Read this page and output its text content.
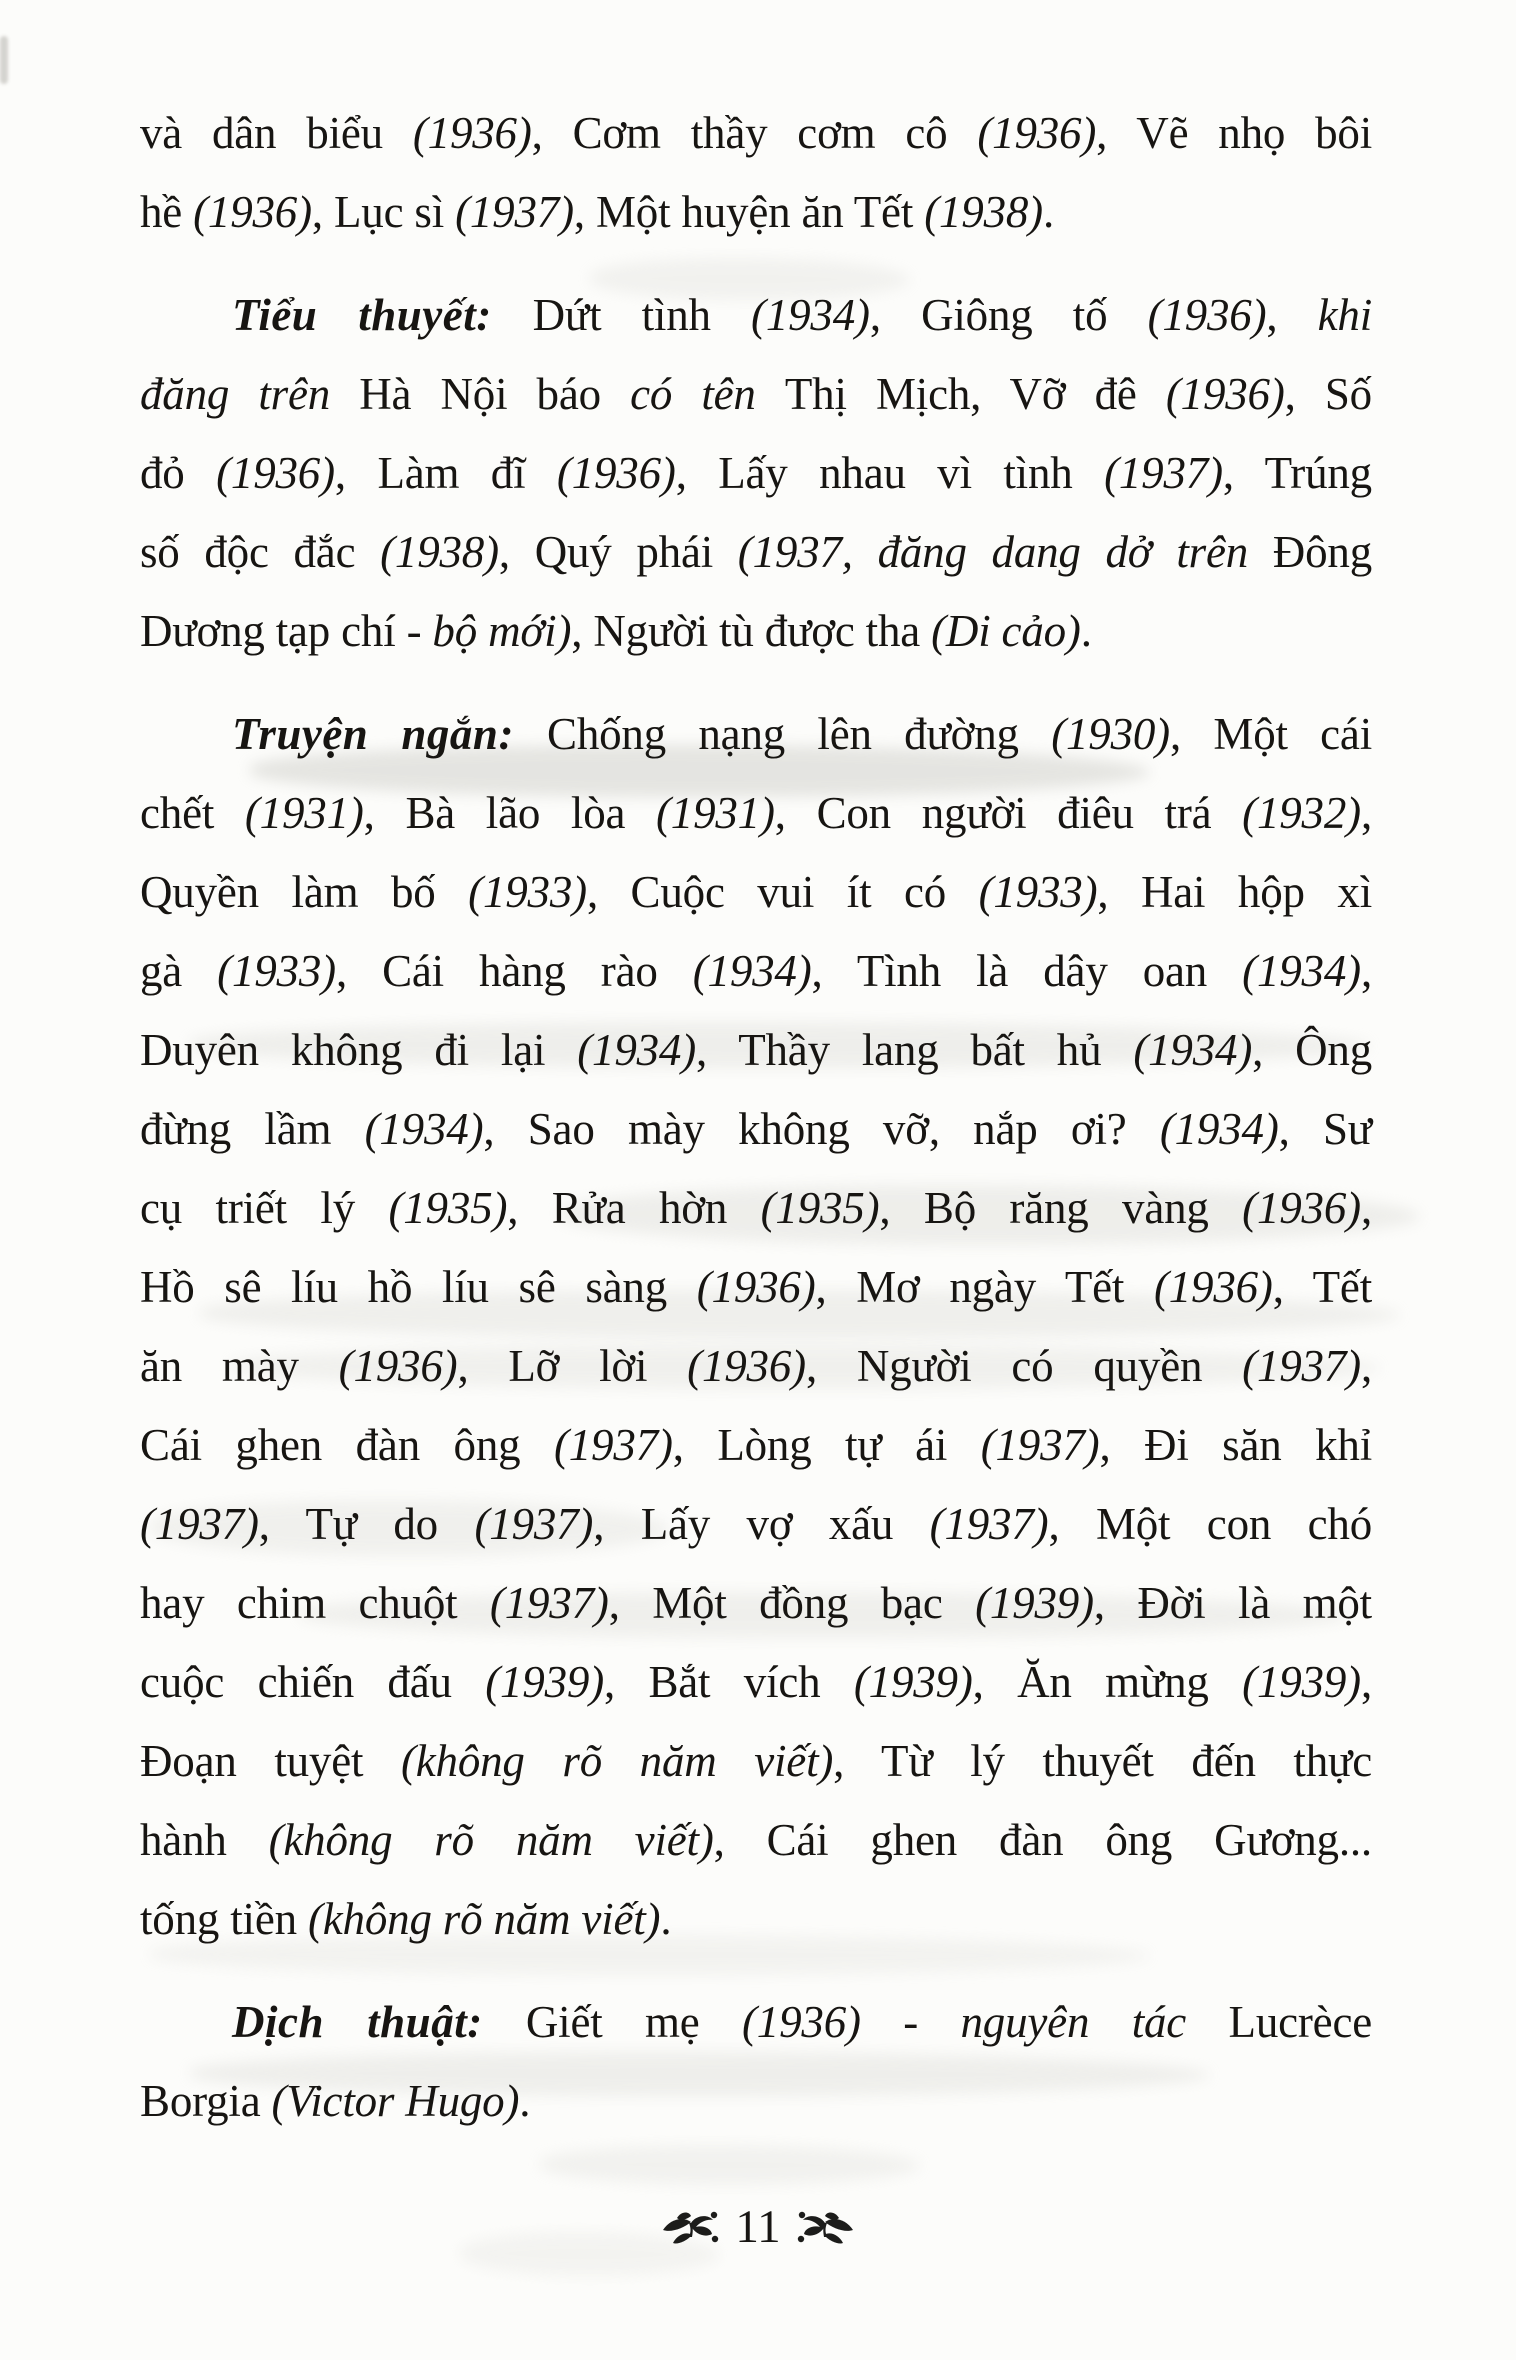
và dân biểu (1936), Cơm thầy cơm cô (1936), Vẽ nhọ bôi
hề (1936), Lục sì (1937), Một huyện ăn Tết (1938).
Tiểu thuyết: Dứt tình (1934), Giông tố (1936), khi
đăng trên Hà Nội báo có tên Thị Mịch, Vỡ đê (1936), Số
đỏ (1936), Làm đĩ (1936), Lấy nhau vì tình (1937), Trúng
số độc đắc (1938), Quý phái (1937, đăng dang dở trên Đông
Dương tạp chí - bộ mới), Người tù được tha (Di cảo).
Truyện ngắn: Chống nạng lên đường (1930), Một cái
chết (1931), Bà lão lòa (1931), Con người điêu trá (1932),
Quyền làm bố (1933), Cuộc vui ít có (1933), Hai hộp xì
gà (1933), Cái hàng rào (1934), Tình là dây oan (1934),
Duyên không đi lại (1934), Thầy lang bất hủ (1934), Ông
đừng lầm (1934), Sao mày không vỡ, nắp ơi? (1934), Sư
cụ triết lý (1935), Rửa hờn (1935), Bộ răng vàng (1936),
Hồ sê líu hồ líu sê sàng (1936), Mơ ngày Tết (1936), Tết
ăn mày (1936), Lỡ lời (1936), Người có quyền (1937),
Cái ghen đàn ông (1937), Lòng tự ái (1937), Đi săn khỉ
(1937), Tự do (1937), Lấy vợ xấu (1937), Một con chó
hay chim chuột (1937), Một đồng bạc (1939), Đời là một
cuộc chiến đấu (1939), Bắt vích (1939), Ăn mừng (1939),
Đoạn tuyệt (không rõ năm viết), Từ lý thuyết đến thực
hành (không rõ năm viết), Cái ghen đàn ông Gương...
tống tiền (không rõ năm viết).
Dịch thuật: Giết mẹ (1936) - nguyên tác Lucrèce
Borgia (Victor Hugo).
11
